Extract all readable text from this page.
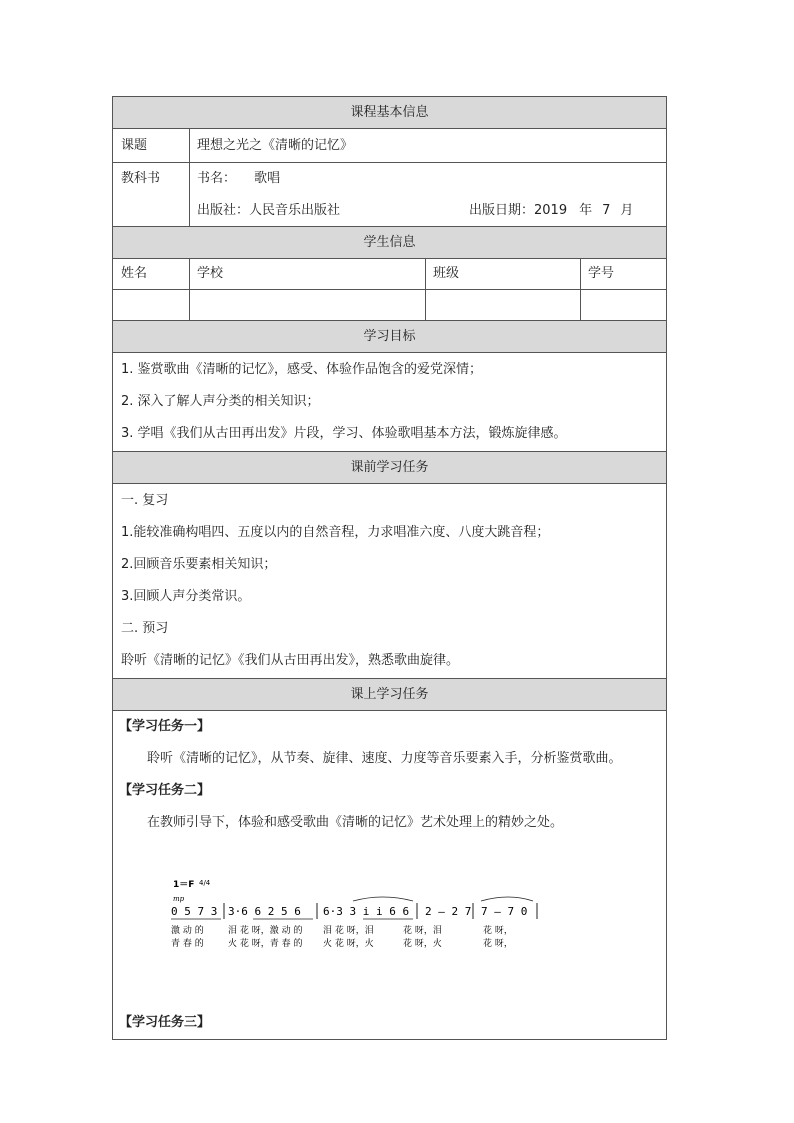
课程基本信息
课题	理想之光之《清晰的记忆》
教科书	书名： 歌唱
出版社：人民音乐出版社	出版日期：2019 年 7 月
学生信息
姓名	学校	班级	学号
学习目标
1. 鉴赏歌曲《清晰的记忆》，感受、体验作品饱含的爱党深情；
2. 深入了解人声分类的相关知识；
3. 学唱《我们从古田再出发》片段，学习、体验歌唱基本方法，锻炼旋律感。
课前学习任务
一. 复习
1.能较准确构唱四、五度以内的自然音程，力求唱准六度、八度大跳音程；
2.回顾音乐要素相关知识；
3.回顾人声分类常识。
二. 预习
聆听《清晰的记忆》《我们从古田再出发》，熟悉歌曲旋律。
课上学习任务
【学习任务一】
聆听《清晰的记忆》，从节奏、旋律、速度、力度等音乐要素入手，分析鉴赏歌曲。
【学习任务二】
在教师引导下，体验和感受歌曲《清晰的记忆》艺术处理上的精妙之处。
1＝F 4/4
mp
0 5 7 3 3·6 6 2 5 6 6·3 3 i i 6 6 2 – 2 7 7 – 7 0
激 动 的	泪 花 呀，激 动 的 泪 花 呀，泪	花 呀，泪	花 呀，
青 春 的	火 花 呀，青 春 的 火 花 呀，火	花 呀，火	花 呀，
【学习任务三】
